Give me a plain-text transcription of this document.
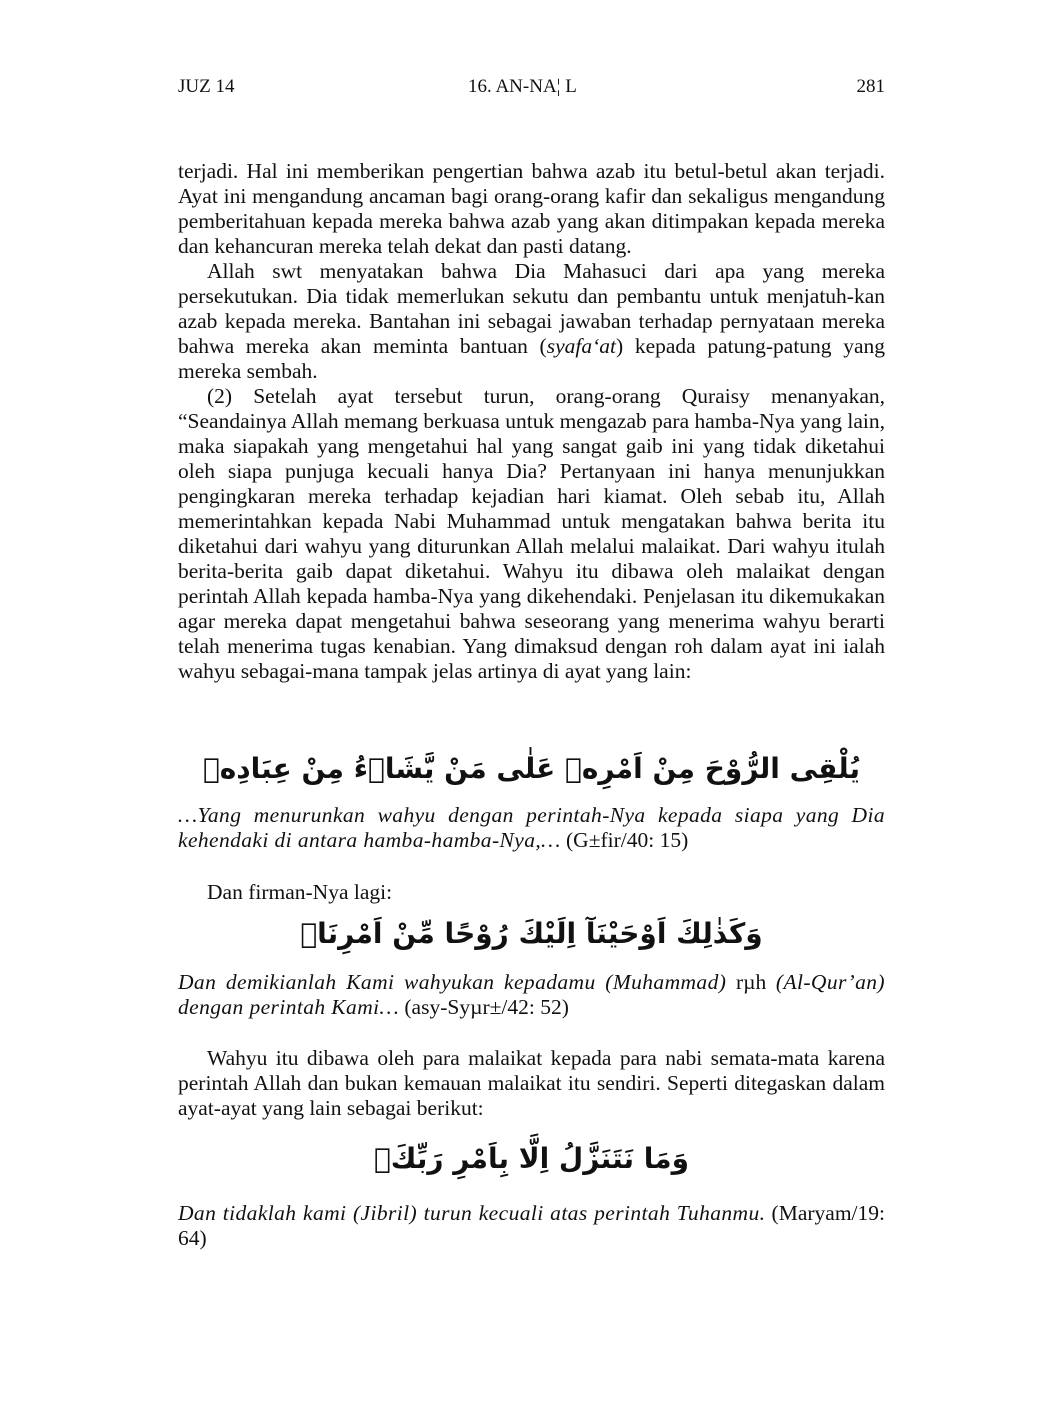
JUZ 14	16. AN-NA¦ L	281

terjadi. Hal ini memberikan pengertian bahwa azab itu betul-betul akan terjadi. Ayat ini mengandung ancaman bagi orang-orang kafir dan sekaligus mengandung pemberitahuan kepada mereka bahwa azab yang akan ditimpakan kepada mereka dan kehancuran mereka telah dekat dan pasti datang.

Allah swt menyatakan bahwa Dia Mahasuci dari apa yang mereka persekutukan. Dia tidak memerlukan sekutu dan pembantu untuk menjatuh-kan azab kepada mereka. Bantahan ini sebagai jawaban terhadap pernyataan mereka bahwa mereka akan meminta bantuan (syafa‘at) kepada patung-patung yang mereka sembah.

(2) Setelah ayat tersebut turun, orang-orang Quraisy menanyakan, “Seandainya Allah memang berkuasa untuk mengazab para hamba-Nya yang lain, maka siapakah yang mengetahui hal yang sangat gaib ini yang tidak diketahui oleh siapa punjuga kecuali hanya Dia? Pertanyaan ini hanya menunjukkan pengingkaran mereka terhadap kejadian hari kiamat. Oleh sebab itu, Allah memerintahkan kepada Nabi Muhammad untuk mengatakan bahwa berita itu diketahui dari wahyu yang diturunkan Allah melalui malaikat. Dari wahyu itulah berita-berita gaib dapat diketahui. Wahyu itu dibawa oleh malaikat dengan perintah Allah kepada hamba-Nya yang dikehendaki. Penjelasan itu dikemukakan agar mereka dapat mengetahui bahwa seseorang yang menerima wahyu berarti telah menerima tugas kenabian. Yang dimaksud dengan roh dalam ayat ini ialah wahyu sebagai-mana tampak jelas artinya di ayat yang lain:

يُلْقِى الرُّوْحَ مِنْ اَمْرِهٖ عَلٰى مَنْ يَّشَاۤءُ مِنْ عِبَادِهٖ

…Yang menurunkan wahyu dengan perintah-Nya kepada siapa yang Dia kehendaki di antara hamba-hamba-Nya,… (G±fir/40: 15)

Dan firman-Nya lagi:

وَكَذٰلِكَ اَوْحَيْنَآ اِلَيْكَ رُوْحًا مِّنْ اَمْرِنَاۗ

Dan demikianlah Kami wahyukan kepadamu (Muhammad) rµh (Al-Qur’an) dengan perintah Kami… (asy-Syµr±/42: 52)

Wahyu itu dibawa oleh para malaikat kepada para nabi semata-mata karena perintah Allah dan bukan kemauan malaikat itu sendiri. Seperti ditegaskan dalam ayat-ayat yang lain sebagai berikut:

وَمَا نَتَنَزَّلُ اِلَّا بِاَمْرِ رَبِّكَۚ

Dan tidaklah kami (Jibril) turun kecuali atas perintah Tuhanmu. (Maryam/19: 64)
